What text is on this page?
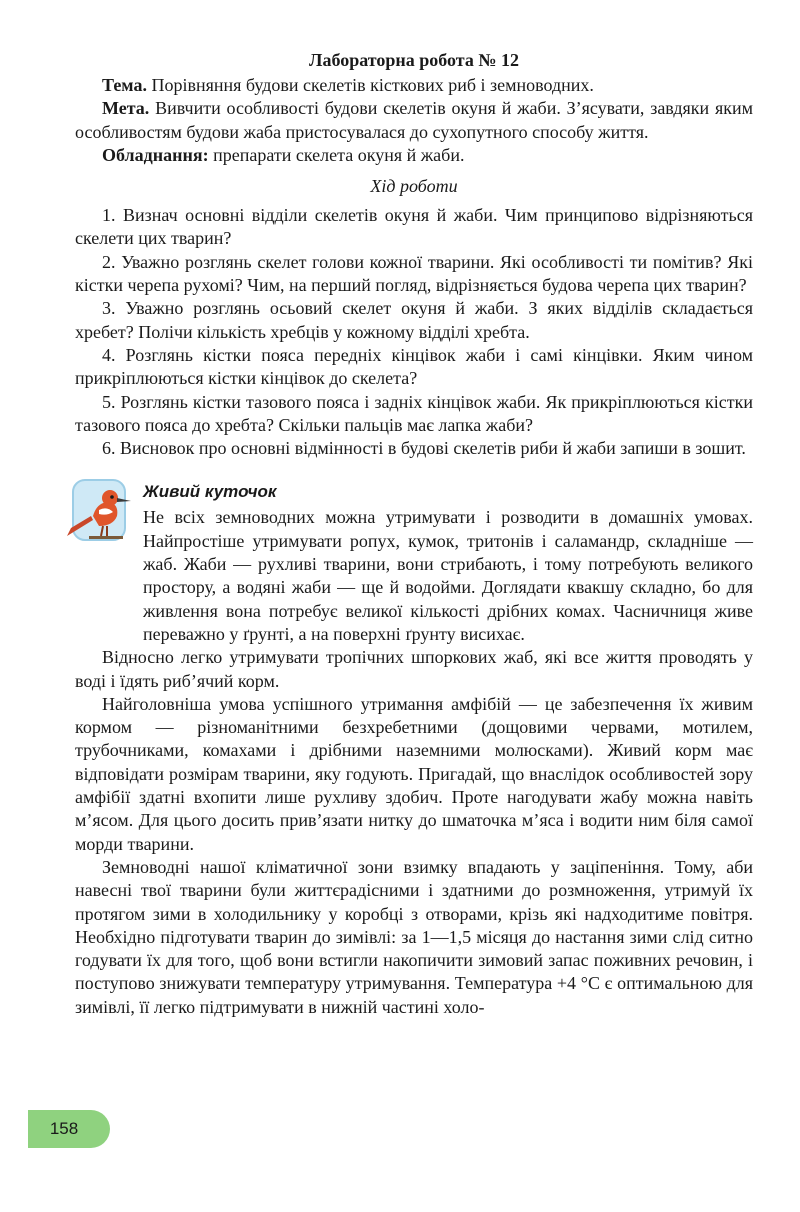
Лабораторна робота № 12

Тема. Порівняння будови скелетів кісткових риб і земноводних.

Мета. Вивчити особливості будови скелетів окуня й жаби. З’ясувати, завдяки яким особливостям будови жаба пристосувалася до сухопутного способу життя.

Обладнання: препарати скелета окуня й жаби.

Хід роботи

1. Визнач основні відділи скелетів окуня й жаби. Чим принципово відрізняються скелети цих тварин?

2. Уважно розглянь скелет голови кожної тварини. Які особливості ти помітив? Які кістки черепа рухомі? Чим, на перший погляд, відрізняється будова черепа цих тварин?

3. Уважно розглянь осьовий скелет окуня й жаби. З яких відділів складається хребет? Полічи кількість хребців у кожному відділі хребта.

4. Розглянь кістки пояса передніх кінцівок жаби і самі кінцівки. Яким чином прикріплюються кістки кінцівок до скелета?

5. Розглянь кістки тазового пояса і задніх кінцівок жаби. Як прикріплюються кістки тазового пояса до хребта? Скільки пальців має лапка жаби?

6. Висновок про основні відмінності в будові скелетів риби й жаби запиши в зошит.

Живий куточок

Не всіх земноводних можна утримувати і розводити в домашніх умовах. Найпростіше утримувати ропух, кумок, тритонів і саламандр, складніше — жаб. Жаби — рухливі тварини, вони стрибають, і тому потребують великого простору, а водяні жаби — ще й водойми. Доглядати квакшу складно, бо для живлення вона потребує великої кількості дрібних комах. Часничниця живе переважно у ґрунті, а на поверхні ґрунту висихає.

Відносно легко утримувати тропічних шпоркових жаб, які все життя проводять у воді і їдять риб’ячий корм.

Найголовніша умова успішного утримання амфібій — це забезпечення їх живим кормом — різноманітними безхребетними (дощовими червами, мотилем, трубочниками, комахами і дрібними наземними молюсками). Живий корм має відповідати розмірам тварини, яку годують. Пригадай, що внаслідок особливостей зору амфібії здатні вхопити лише рухливу здобич. Проте нагодувати жабу можна навіть м’ясом. Для цього досить прив’язати нитку до шматочка м’яса і водити ним біля самої морди тварини.

Земноводні нашої кліматичної зони взимку впадають у заціпеніння. Тому, аби навесні твої тварини були життєрадісними і здатними до розмноження, утримуй їх протягом зими в холодильнику у коробці з отворами, крізь які надходитиме повітря. Необхідно підготувати тварин до зимівлі: за 1—1,5 місяця до настання зими слід ситно годувати їх для того, щоб вони встигли накопичити зимовий запас поживних речовин, і поступово знижувати температуру утримування. Температура +4 °С є оптимальною для зимівлі, її легко підтримувати в нижній частині холо-

158
